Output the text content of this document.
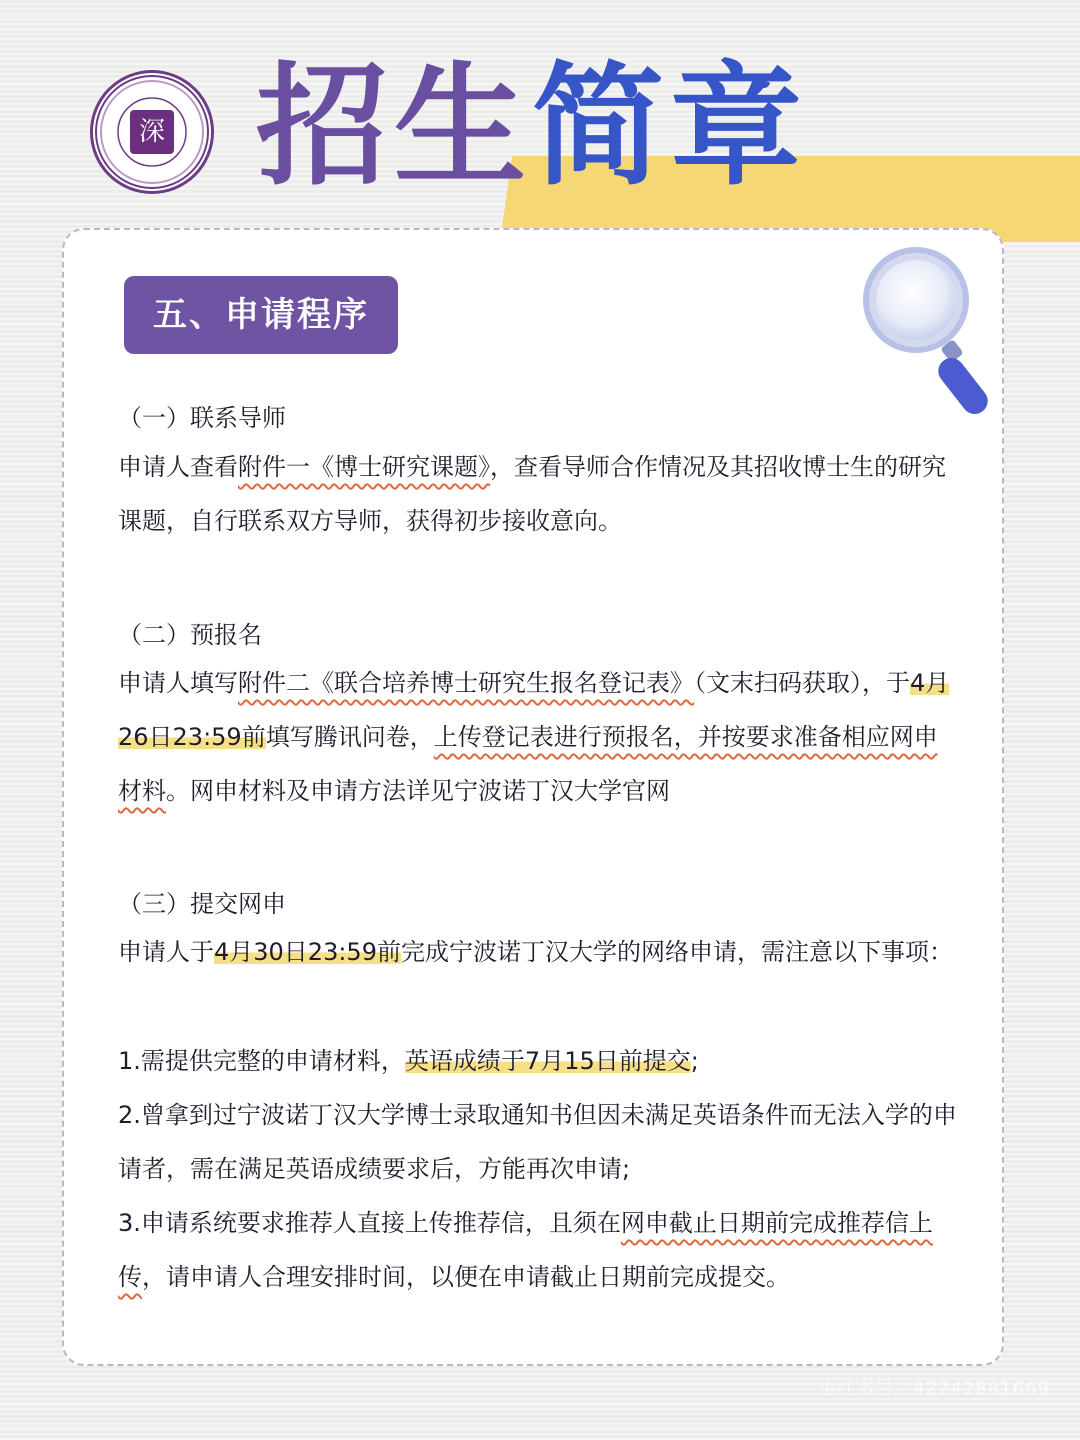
深 招生 简章
五、申请程序
（一）联系导师
申请人查看附件一《博士研究课题》，查看导师合作情况及其招收博士生的研究课题，自行联系双方导师，获得初步接收意向。
（二）预报名
申请人填写附件二《联合培养博士研究生报名登记表》（文末扫码获取），于4月26日23:59前填写腾讯问卷，上传登记表进行预报名，并按要求准备相应网申材料。网申材料及申请方法详见宁波诺丁汉大学官网
（三）提交网申
申请人于4月30日23:59前完成宁波诺丁汉大学的网络申请，需注意以下事项：
1.需提供完整的申请材料，英语成绩于7月15日前提交;
2.曾拿到过宁波诺丁汉大学博士录取通知书但因未满足英语条件而无法入学的申请者，需在满足英语成绩要求后，方能再次申请;
3.申请系统要求推荐人直接上传推荐信，且须在网申截止日期前完成推荐信上传，请申请人合理安排时间，以便在申请截止日期前完成提交。
小红书号：42242881669
